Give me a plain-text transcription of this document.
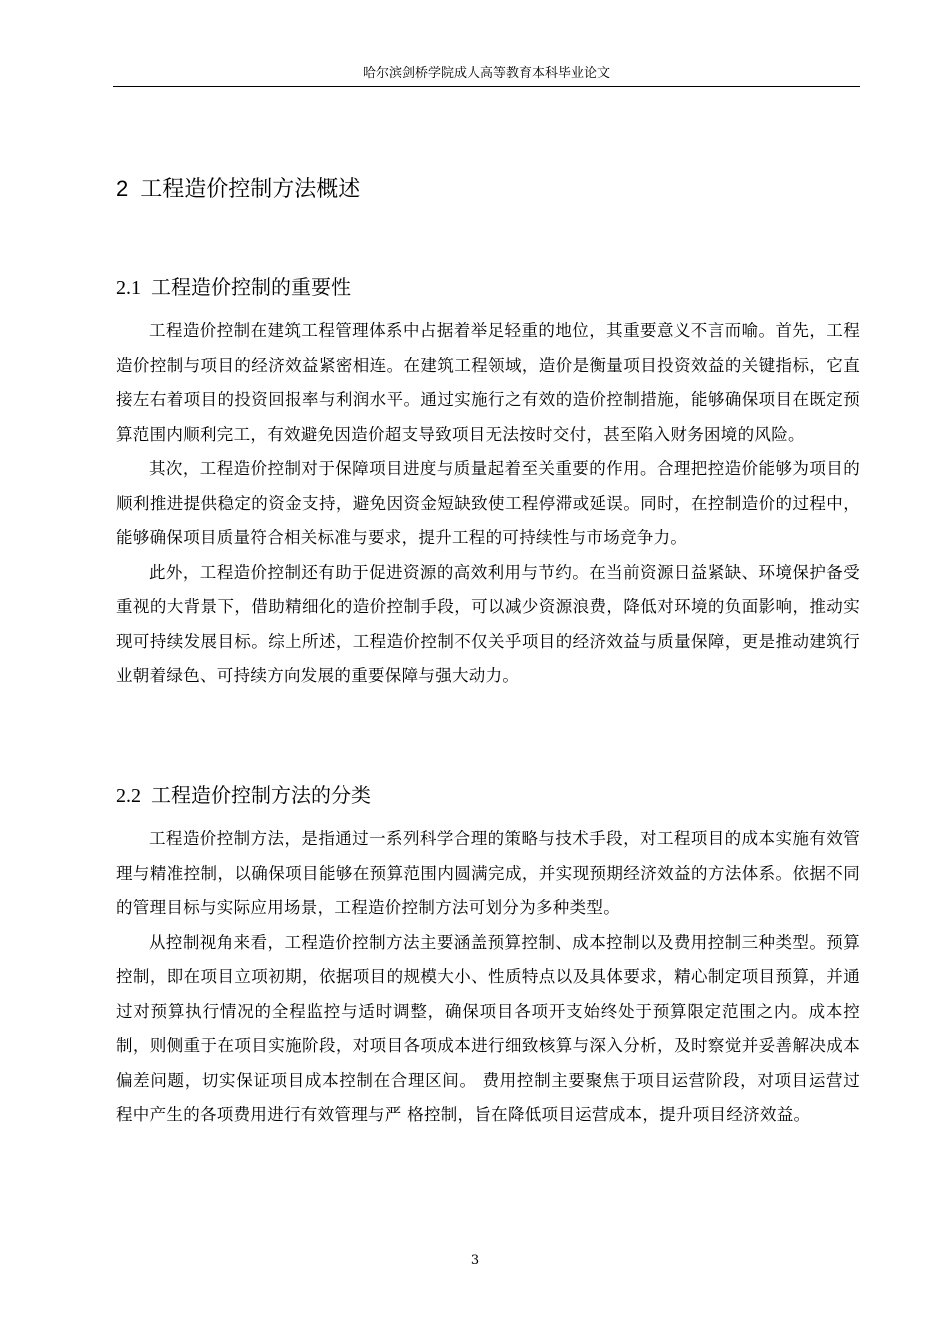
哈尔滨剑桥学院成人高等教育本科毕业论文
2 工程造价控制方法概述
2.1 工程造价控制的重要性

工程造价控制在建筑工程管理体系中占据着举足轻重的地位，其重要意义不言而喻。首先，工程造价控制与项目的经济效益紧密相连。在建筑工程领域，造价是衡量项目投资效益的关键指标，它直接左右着项目的投资回报率与利润水平。通过实施行之有效的造价控制措施，能够确保项目在既定预算范围内顺利完工，有效避免因造价超支导致项目无法按时交付，甚至陷入财务困境的风险。

其次，工程造价控制对于保障项目进度与质量起着至关重要的作用。合理把控造价能够为项目的顺利推进提供稳定的资金支持，避免因资金短缺致使工程停滞或延误。同时，在控制造价的过程中，能够确保项目质量符合相关标准与要求，提升工程的可持续性与市场竞争力。

此外，工程造价控制还有助于促进资源的高效利用与节约。在当前资源日益紧缺、环境保护备受重视的大背景下，借助精细化的造价控制手段，可以减少资源浪费，降低对环境的负面影响，推动实现可持续发展目标。综上所述，工程造价控制不仅关乎项目的经济效益与质量保障，更是推动建筑行业朝着绿色、可持续方向发展的重要保障与强大动力。

2.2 工程造价控制方法的分类

工程造价控制方法，是指通过一系列科学合理的策略与技术手段，对工程项目的成本实施有效管理与精准控制，以确保项目能够在预算范围内圆满完成，并实现预期经济效益的方法体系。依据不同的管理目标与实际应用场景，工程造价控制方法可划分为多种类型。

从控制视角来看，工程造价控制方法主要涵盖预算控制、成本控制以及费用控制三种类型。预算控制，即在项目立项初期，依据项目的规模大小、性质特点以及具体要求，精心制定项目预算，并通过对预算执行情况的全程监控与适时调整，确保项目各项开支始终处于预算限定范围之内。成本控制，则侧重于在项目实施阶段，对项目各项成本进行细致核算与深入分析，及时察觉并妥善解决成本偏差问题，切实保证项目成本控制在合理区间。 费用控制主要聚焦于项目运营阶段，对项目运营过程中产生的各项费用进行有效管理与严 格控制，旨在降低项目运营成本，提升项目经济效益。

3
